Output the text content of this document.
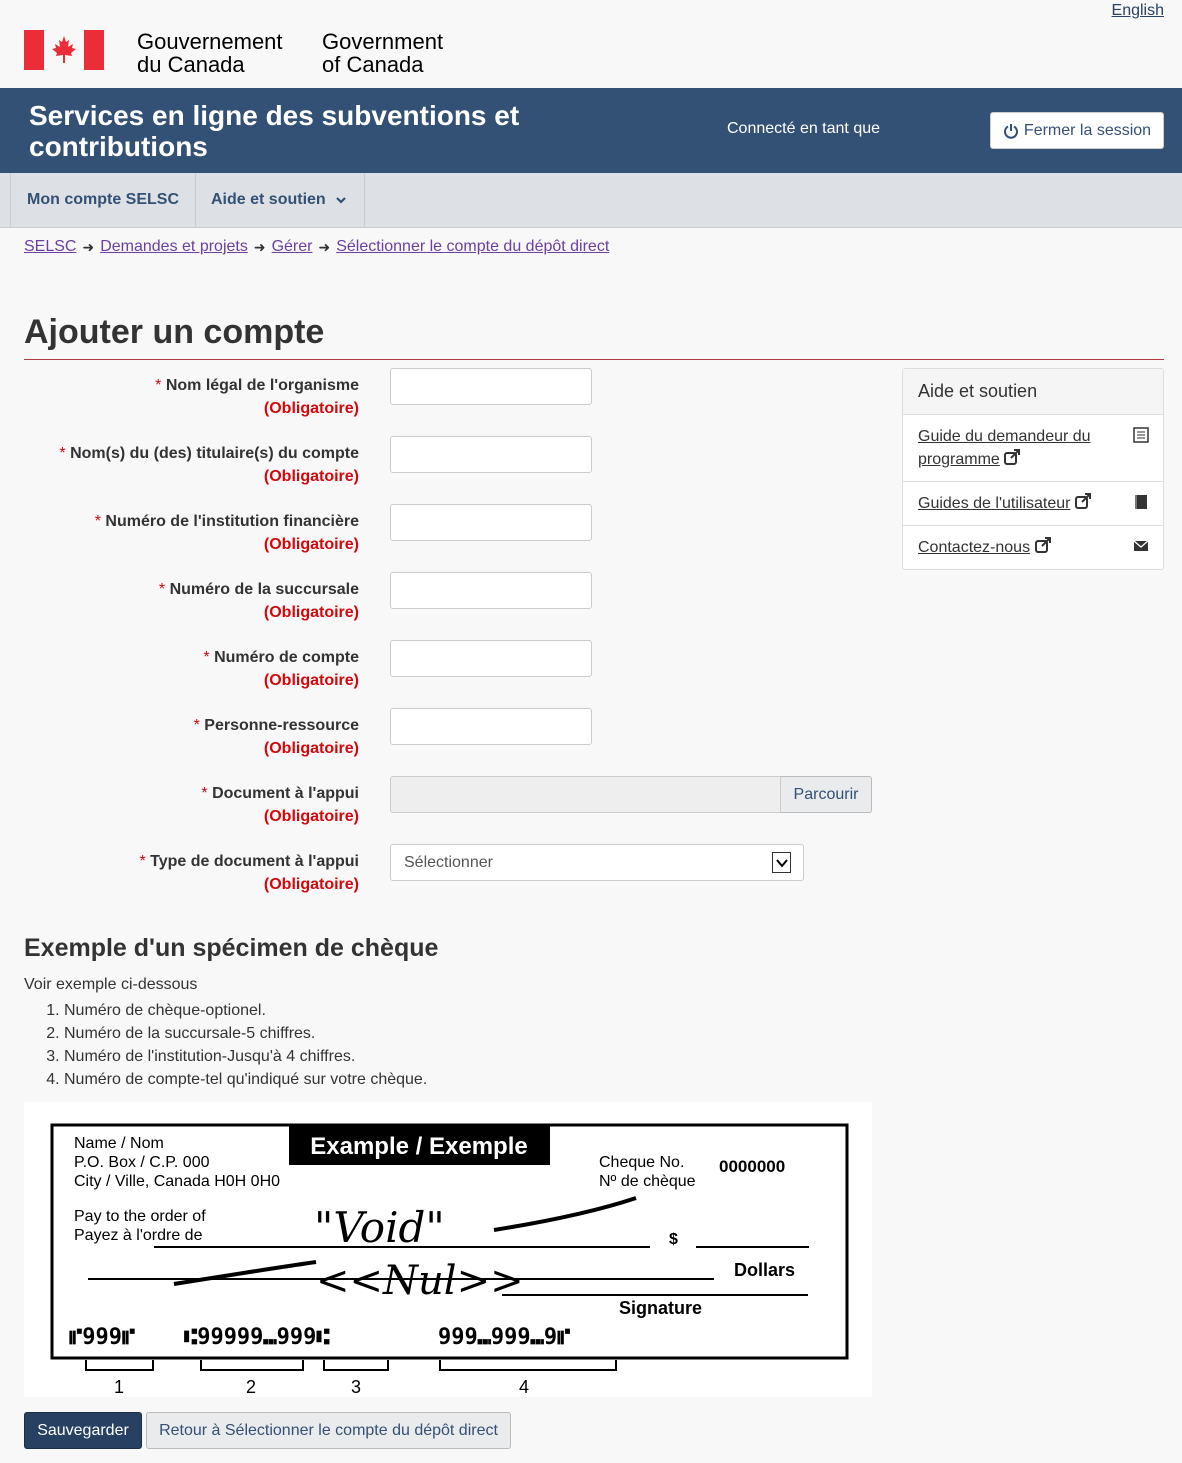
English
Gouvernement
du Canada
Government
of Canada
Services en ligne des subventions et
contributions
Connecté en tant que	Fermer la session
Mon compte SELSC Aide et soutien
SELSC ➜ Demandes et projets ➜ Gérer ➜ Sélectionner le compte du dépôt direct
Ajouter un compte
* Nom légal de l'organisme
(Obligatoire)
* Nom(s) du (des) titulaire(s) du compte
(Obligatoire)
* Numéro de l'institution financière
(Obligatoire)
* Numéro de la succursale
(Obligatoire)
* Numéro de compte
(Obligatoire)
* Personne-ressource
(Obligatoire)
* Document à l'appui
(Obligatoire)
Parcourir
* Type de document à l'appui
(Obligatoire)
Sélectionner
Aide et soutien
Guide du demandeur du
programme
Guides de l'utilisateur
Contactez-nous
Exemple d'un spécimen de chèque
Voir exemple ci-dessous
1. Numéro de chèque-optionel.
2. Numéro de la succursale-5 chiffres.
3. Numéro de l'institution-Jusqu'à 4 chiffres.
4. Numéro de compte-tel qu'indiqué sur votre chèque.
Name / Nom
P.O. Box / C.P. 000
City / Ville, Canada H0H 0H0
Example / Exemple
Cheque No.
Nº de chèque
0000000
Pay to the order of
Payez à l'ordre de	$
Dollars
Signature
"Void"
<<Nul>>
⑈999⑈ ⑆99999⑉999⑆	999⑉999⑉9⑈
1	2	3	4
Sauvegarder	Retour à Sélectionner le compte du dépôt direct
